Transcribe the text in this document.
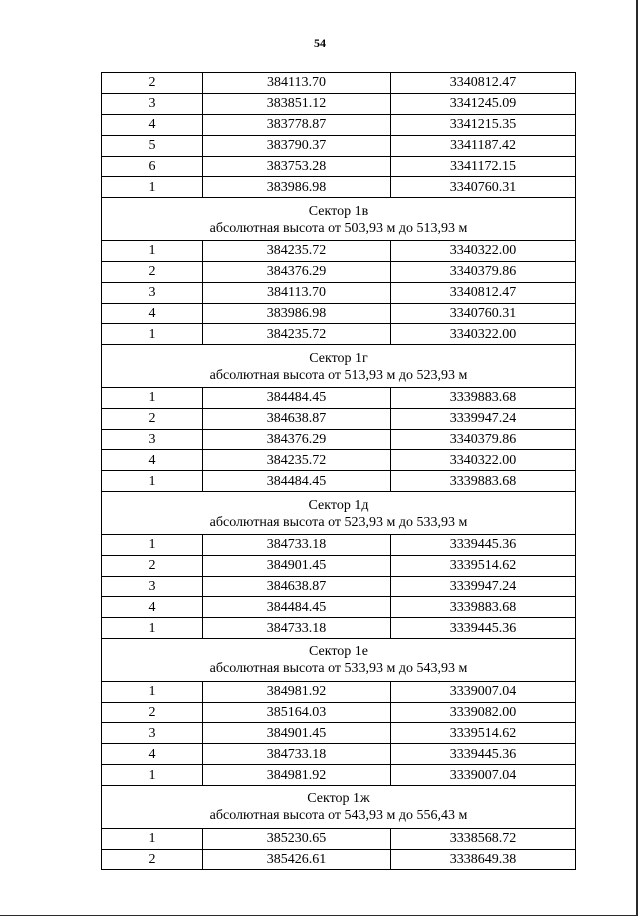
54
2	384113.70	3340812.47
3	383851.12	3341245.09
4	383778.87	3341215.35
5	383790.37	3341187.42
6	383753.28	3341172.15
1	383986.98	3340760.31

Сектор 1в
абсолютная высота от 503,93 м до 513,93 м		

1	384235.72	3340322.00
2	384376.29	3340379.86
3	384113.70	3340812.47
4	383986.98	3340760.31
1	384235.72	3340322.00

Сектор 1г
абсолютная высота от 513,93 м до 523,93 м		

1	384484.45	3339883.68
2	384638.87	3339947.24
3	384376.29	3340379.86
4	384235.72	3340322.00
1	384484.45	3339883.68

Сектор 1д
абсолютная высота от 523,93 м до 533,93 м		

1	384733.18	3339445.36
2	384901.45	3339514.62
3	384638.87	3339947.24
4	384484.45	3339883.68
1	384733.18	3339445.36

Сектор 1е
абсолютная высота от 533,93 м до 543,93 м		

1	384981.92	3339007.04
2	385164.03	3339082.00
3	384901.45	3339514.62
4	384733.18	3339445.36
1	384981.92	3339007.04

Сектор 1ж
абсолютная высота от 543,93 м до 556,43 м		

1	385230.65	3338568.72
2	385426.61	3338649.38
